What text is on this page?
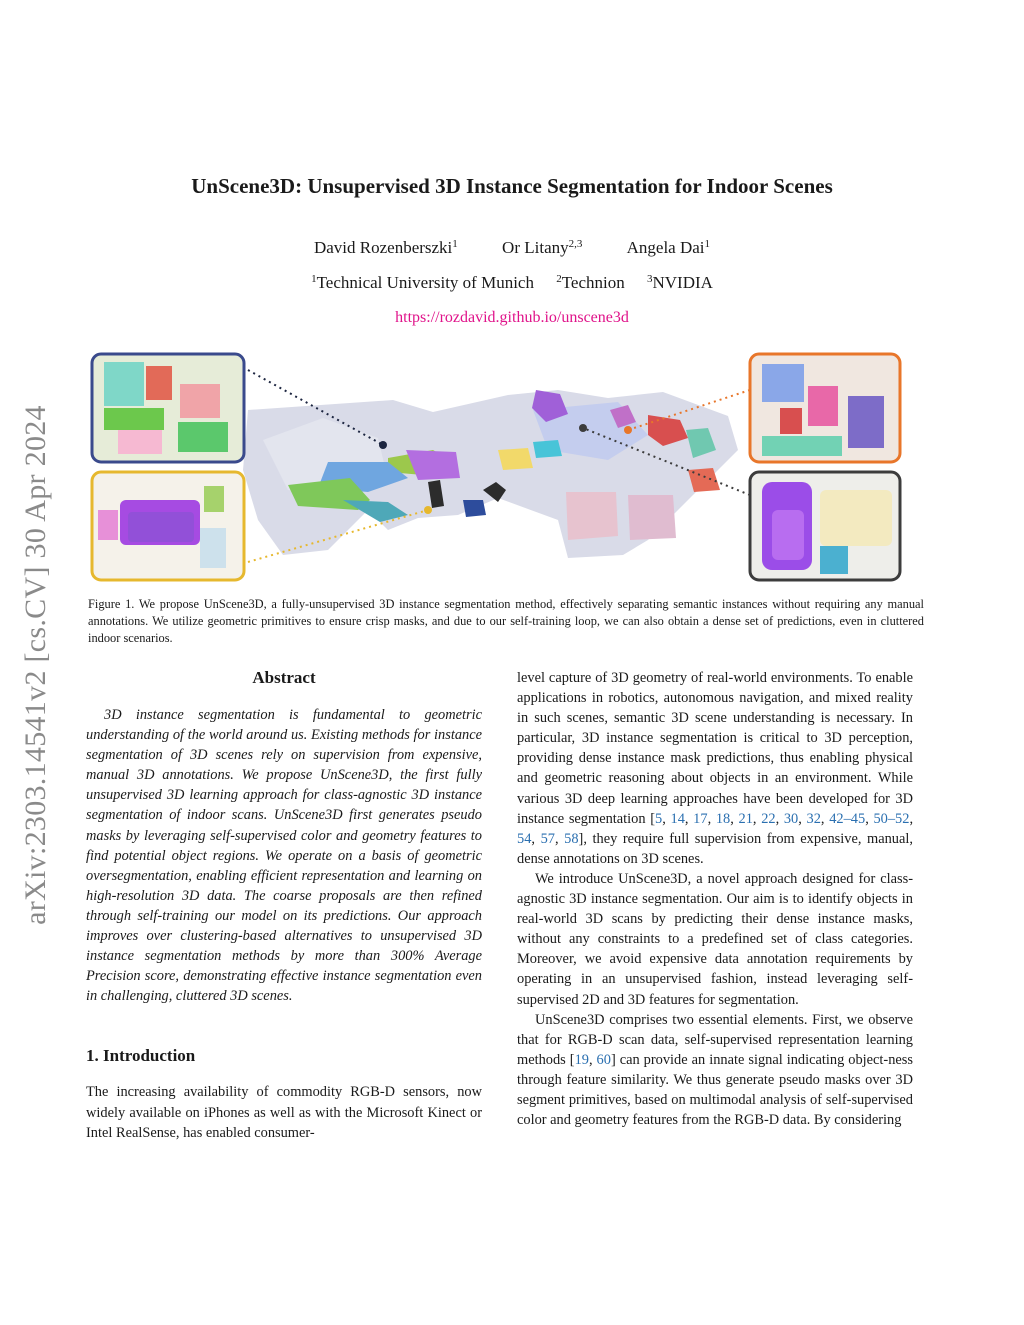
arXiv:2303.14541v2 [cs.CV] 30 Apr 2024
UnScene3D: Unsupervised 3D Instance Segmentation for Indoor Scenes
David Rozenberszki$^1$	Or Litany$^{2,3}$	Angela Dai$^1$
$^1$Technical University of Munich $^2$Technion $^3$NVIDIA
https://rozdavid.github.io/unscene3d
Figure 1. We propose UnScene3D, a fully-unsupervised 3D instance segmentation method, effectively separating semantic instances without requiring any manual annotations. We utilize geometric primitives to ensure crisp masks, and due to our self-training loop, we can also obtain a dense set of predictions, even in cluttered indoor scenarios.
Abstract

3D instance segmentation is fundamental to geometric understanding of the world around us. Existing methods for instance segmentation of 3D scenes rely on supervision from expensive, manual 3D annotations. We propose UnScene3D, the first fully unsupervised 3D learning approach for class-agnostic 3D instance segmentation of indoor scans. UnScene3D first generates pseudo masks by leveraging self-supervised color and geometry features to find potential object regions. We operate on a basis of geometric oversegmentation, enabling efficient representation and learning on high-resolution 3D data. The coarse proposals are then refined through self-training our model on its predictions. Our approach improves over clustering-based alternatives to unsupervised 3D instance segmentation methods by more than 300% Average Precision score, demonstrating effective instance segmentation even in challenging, cluttered 3D scenes.

1. Introduction

The increasing availability of commodity RGB-D sensors, now widely available on iPhones as well as with the Microsoft Kinect or Intel RealSense, has enabled consumer-

level capture of 3D geometry of real-world environments. To enable applications in robotics, autonomous navigation, and mixed reality in such scenes, semantic 3D scene understanding is necessary. In particular, 3D instance segmentation is critical to 3D perception, providing dense instance mask predictions, thus enabling physical and geometric reasoning about objects in an environment. While various 3D deep learning approaches have been developed for 3D instance segmentation [5, 14, 17, 18, 21, 22, 30, 32, 42–45, 50–52, 54, 57, 58], they require full supervision from expensive, manual, dense annotations on 3D scenes.

We introduce UnScene3D, a novel approach designed for class-agnostic 3D instance segmentation. Our aim is to identify objects in real-world 3D scans by predicting their dense instance masks, without any constraints to a predefined set of class categories. Moreover, we avoid expensive data annotation requirements by operating in an unsupervised fashion, instead leveraging self-supervised 2D and 3D features for segmentation.

UnScene3D comprises two essential elements. First, we observe that for RGB-D scan data, self-supervised representation learning methods [19, 60] can provide an innate signal indicating object-ness through feature similarity. We thus generate pseudo masks over 3D segment primitives, based on multimodal analysis of self-supervised color and geometry features from the RGB-D data. By considering
